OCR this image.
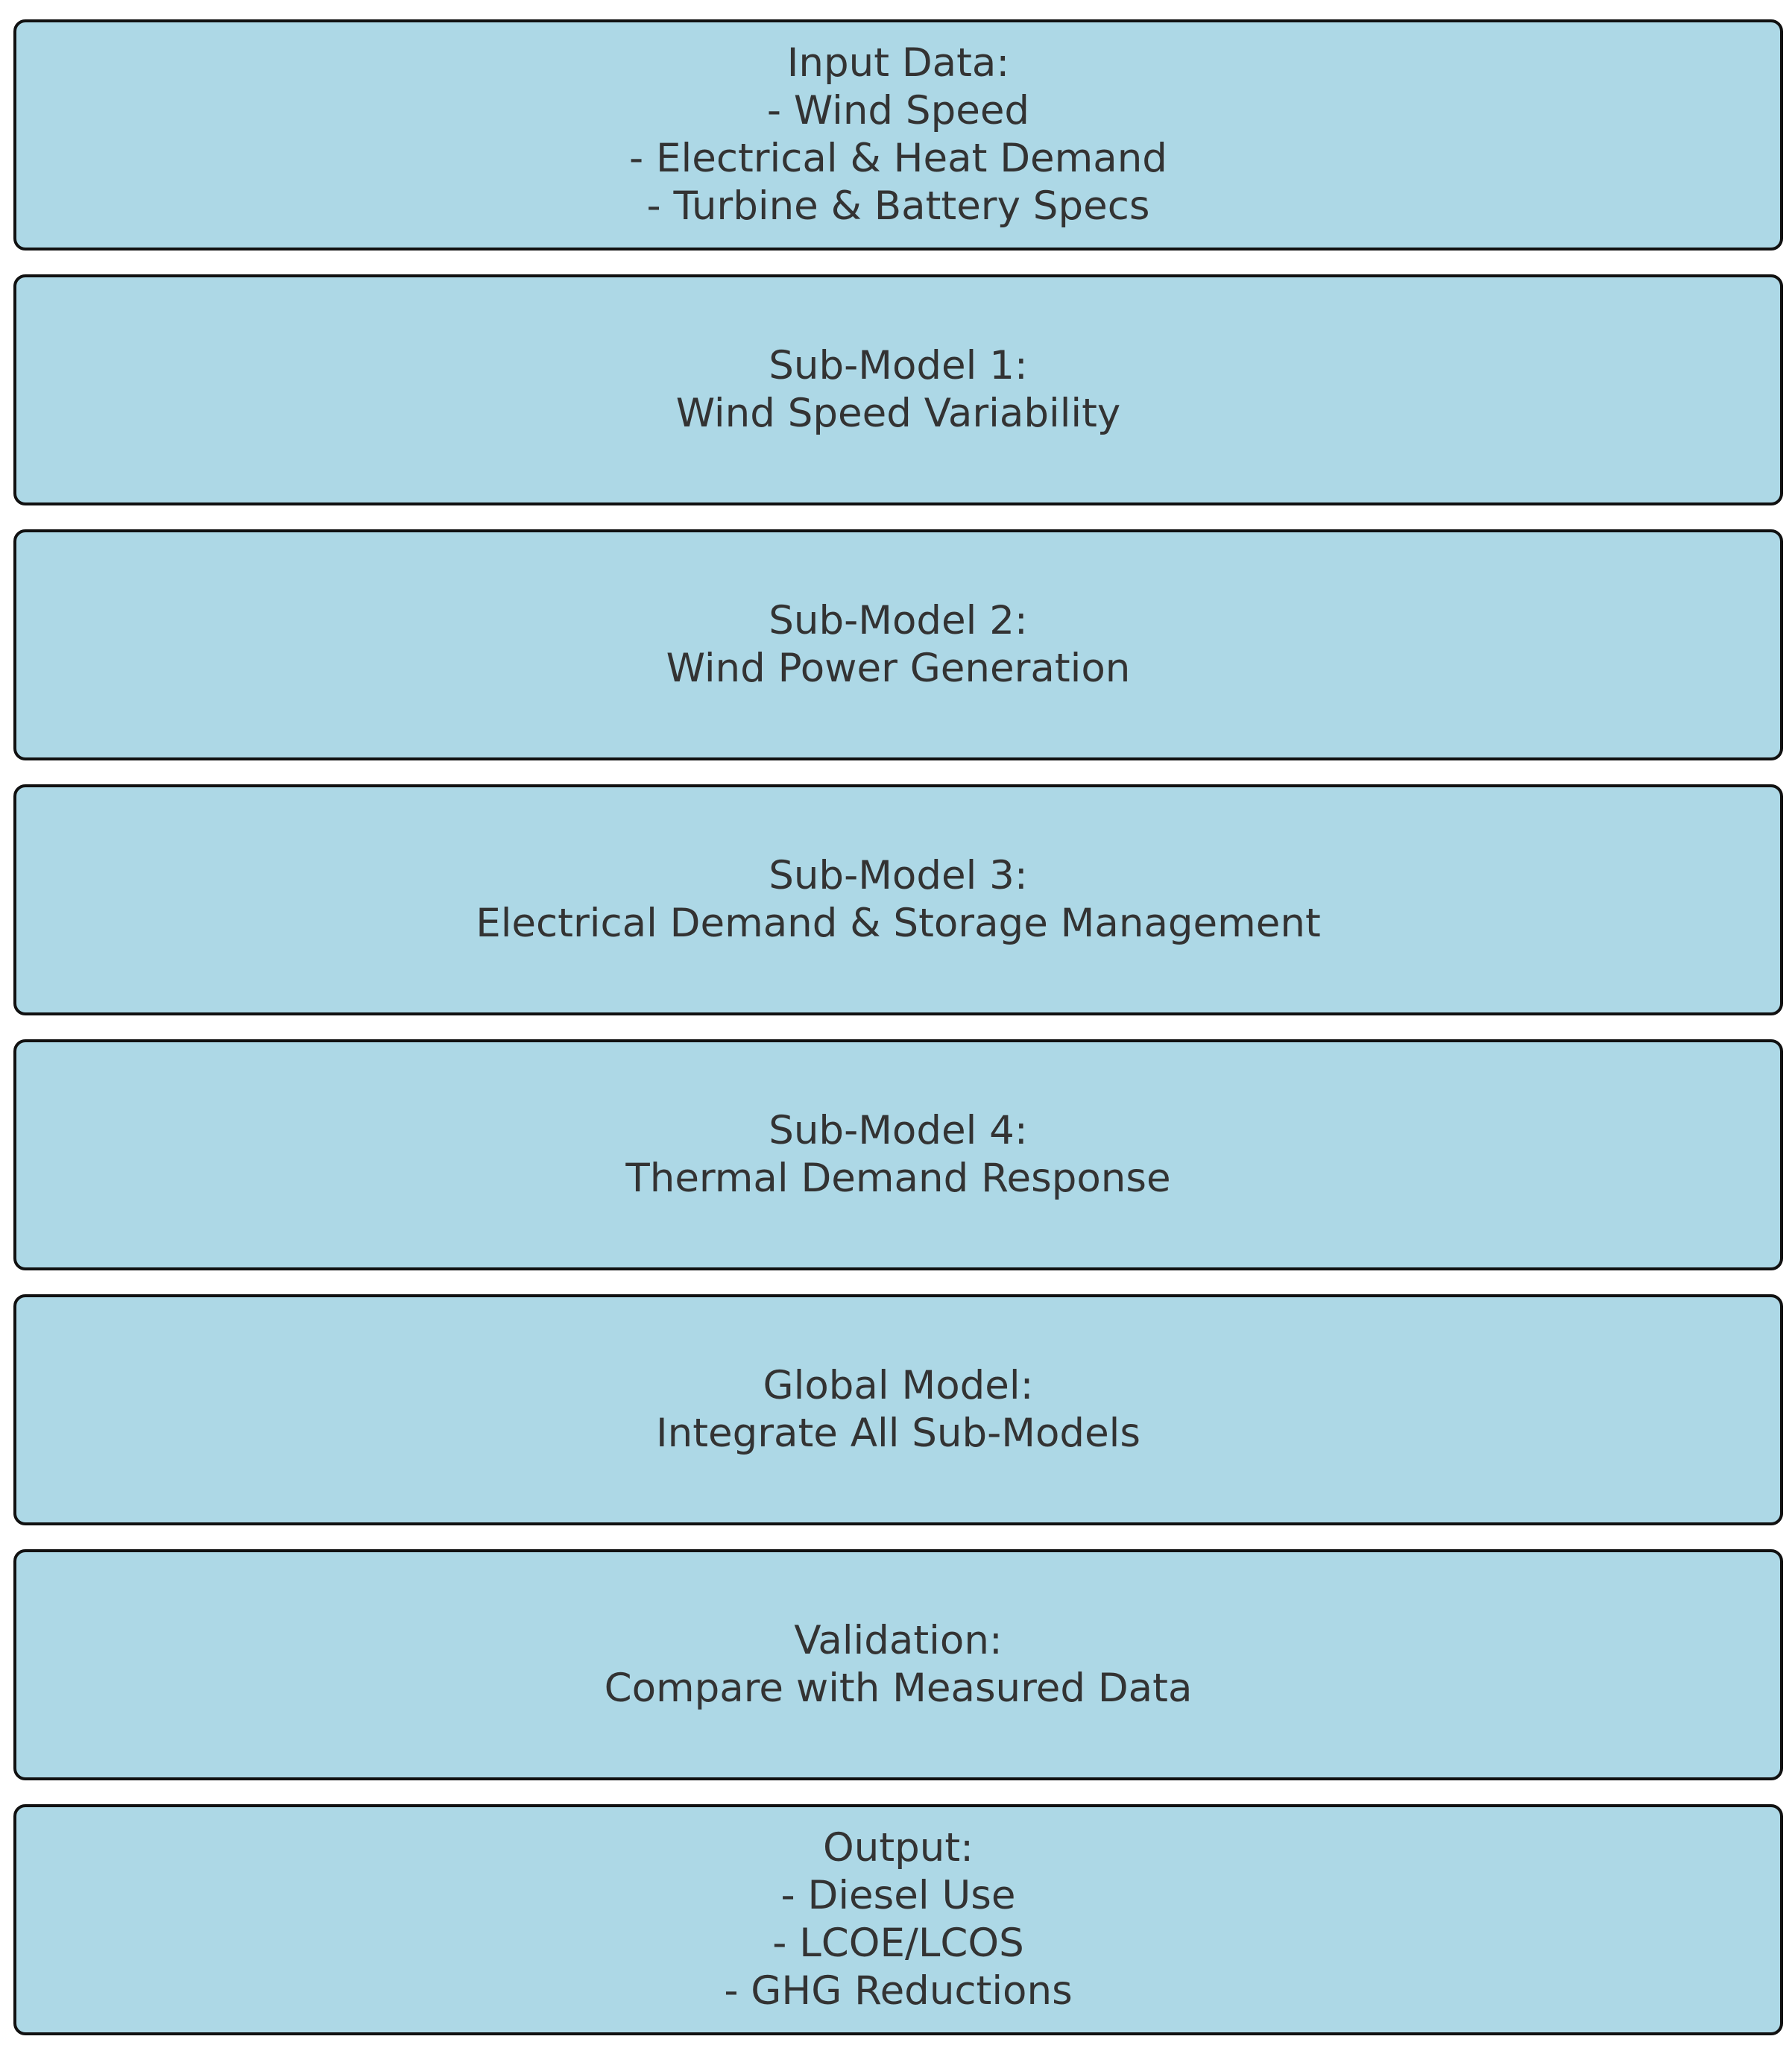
Input Data:
- Wind Speed
- Electrical & Heat Demand
- Turbine & Battery Specs

Sub-Model 1:
Wind Speed Variability

Sub-Model 2:
Wind Power Generation

Sub-Model 3:
Electrical Demand & Storage Management

Sub-Model 4:
Thermal Demand Response

Global Model:
Integrate All Sub-Models

Validation:
Compare with Measured Data

Output:
- Diesel Use
- LCOE/LCOS
- GHG Reductions
